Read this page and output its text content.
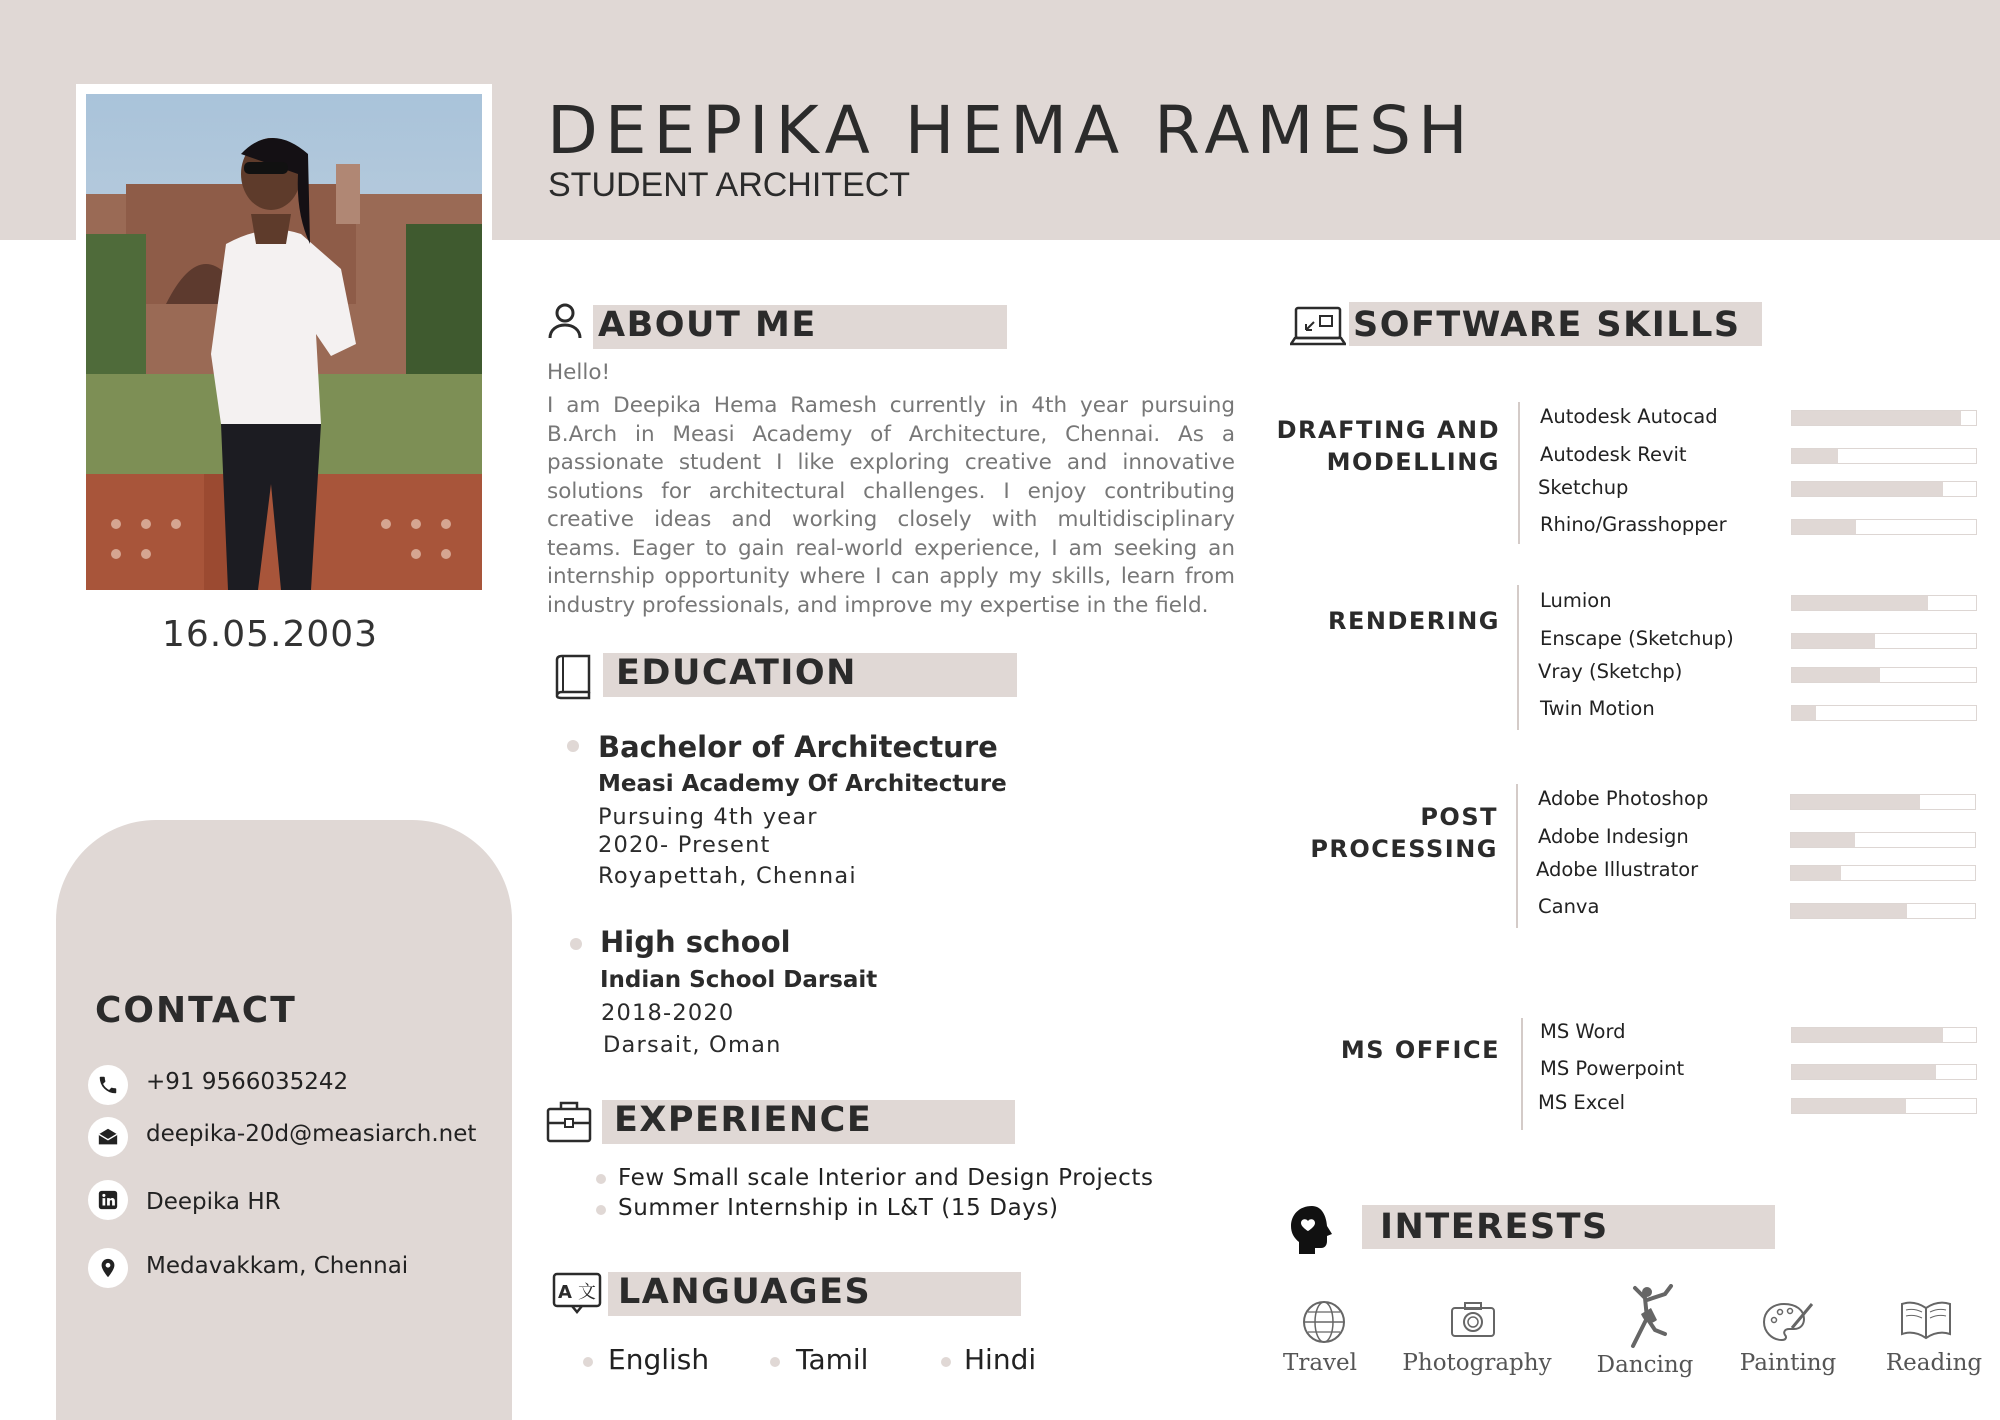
DEEPIKA HEMA RAMESH
STUDENT ARCHITECT
16.05.2003
CONTACT
+91 9566035242
deepika-20d@measiarch.net
Deepika HR
Medavakkam, Chennai
ABOUT ME
Hello!
I am Deepika Hema Ramesh currently in 4th year pursuing B.Arch in Measi Academy of Architecture, Chennai. As a passionate student I like exploring creative and innovative solutions for architectural challenges. I enjoy contributing creative ideas and working closely with multidisciplinary teams. Eager to gain real-world experience, I am seeking an internship opportunity where I can apply my skills, learn from industry professionals, and improve my expertise in the field.
EDUCATION
Bachelor of Architecture
Measi Academy Of Architecture
Pursuing 4th year
2020- Present
Royapettah, Chennai
High school
Indian School Darsait
2018-2020
Darsait, Oman
EXPERIENCE
Few Small scale Interior and Design Projects
Summer Internship in L&T (15 Days)
A 文 LANGUAGES
English	Tamil	Hindi
SOFTWARE SKILLS
DRAFTING AND
MODELLING
Autodesk Autocad
Autodesk Revit
Sketchup
Rhino/Grasshopper
RENDERING
Lumion
Enscape (Sketchup)
Vray (Sketchp)
Twin Motion
POST
PROCESSING
Adobe Photoshop
Adobe Indesign
Adobe Illustrator
Canva
MS OFFICE
MS Word
MS Powerpoint
MS Excel
INTERESTS
Travel	Photography Dancing Painting Reading
